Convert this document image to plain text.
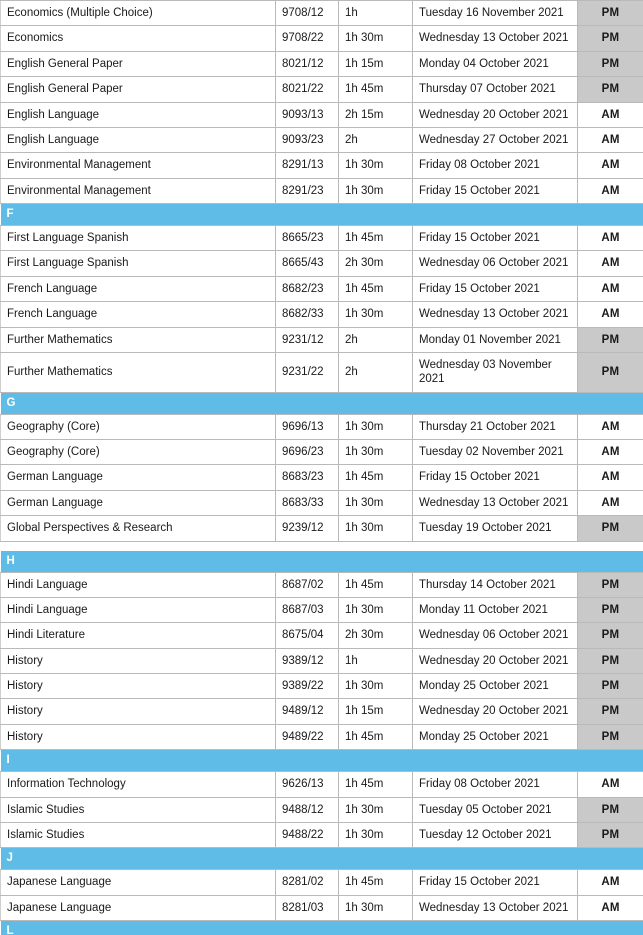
Economics (Multiple Choice)	9708/12	1h	Tuesday 16 November 2021	PM
Economics	9708/22	1h 30m	Wednesday 13 October 2021	PM
English General Paper	8021/12	1h 15m	Monday 04 October 2021	PM
English General Paper	8021/22	1h 45m	Thursday 07 October 2021	PM
English Language	9093/13	2h 15m	Wednesday 20 October 2021	AM
English Language	9093/23	2h	Wednesday 27 October 2021	AM
Environmental Management	8291/13	1h 30m	Friday 08 October 2021	AM
Environmental Management	8291/23	1h 30m	Friday 15 October 2021	AM

F				

First Language Spanish	8665/23	1h 45m	Friday 15 October 2021	AM
First Language Spanish	8665/43	2h 30m	Wednesday 06 October 2021	AM
French Language	8682/23	1h 45m	Friday 15 October 2021	AM
French Language	8682/33	1h 30m	Wednesday 13 October 2021	AM
Further Mathematics	9231/12	2h	Monday 01 November 2021	PM
Further Mathematics	9231/22	2h	Wednesday 03 November 2021	PM

G				

Geography (Core)	9696/13	1h 30m	Thursday 21 October 2021	AM
Geography (Core)	9696/23	1h 30m	Tuesday 02 November 2021	AM
German Language	8683/23	1h 45m	Friday 15 October 2021	AM
German Language	8683/33	1h 30m	Wednesday 13 October 2021	AM
Global Perspectives & Research	9239/12	1h 30m	Tuesday 19 October 2021	PM

H				

Hindi Language	8687/02	1h 45m	Thursday 14 October 2021	PM
Hindi Language	8687/03	1h 30m	Monday 11 October 2021	PM
Hindi Literature	8675/04	2h 30m	Wednesday 06 October 2021	PM
History	9389/12	1h	Wednesday 20 October 2021	PM
History	9389/22	1h 30m	Monday 25 October 2021	PM
History	9489/12	1h 15m	Wednesday 20 October 2021	PM
History	9489/22	1h 45m	Monday 25 October 2021	PM

I				

Information Technology	9626/13	1h 45m	Friday 08 October 2021	AM
Islamic Studies	9488/12	1h 30m	Tuesday 05 October 2021	PM
Islamic Studies	9488/22	1h 30m	Tuesday 12 October 2021	PM

J				

Japanese Language	8281/02	1h 45m	Friday 15 October 2021	AM
Japanese Language	8281/03	1h 30m	Wednesday 13 October 2021	AM

L				
